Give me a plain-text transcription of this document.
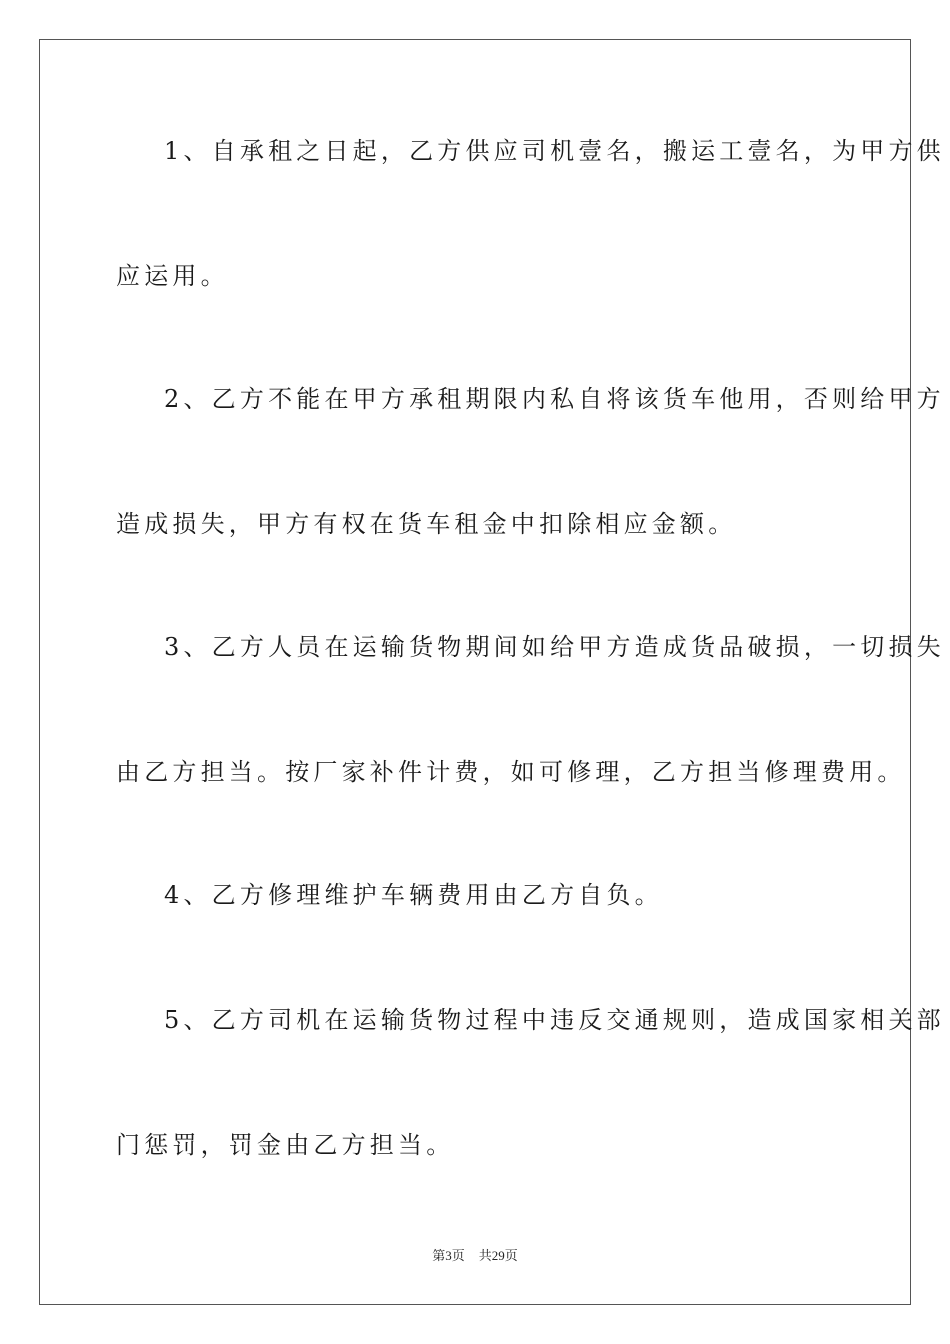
1、自承租之日起，乙方供应司机壹名，搬运工壹名，为甲方供
应运用。
2、乙方不能在甲方承租期限内私自将该货车他用，否则给甲方
造成损失，甲方有权在货车租金中扣除相应金额。
3、乙方人员在运输货物期间如给甲方造成货品破损，一切损失
由乙方担当。按厂家补件计费，如可修理，乙方担当修理费用。
4、乙方修理维护车辆费用由乙方自负。
5、乙方司机在运输货物过程中违反交通规则，造成国家相关部
门惩罚，罚金由乙方担当。
第3页 共29页
